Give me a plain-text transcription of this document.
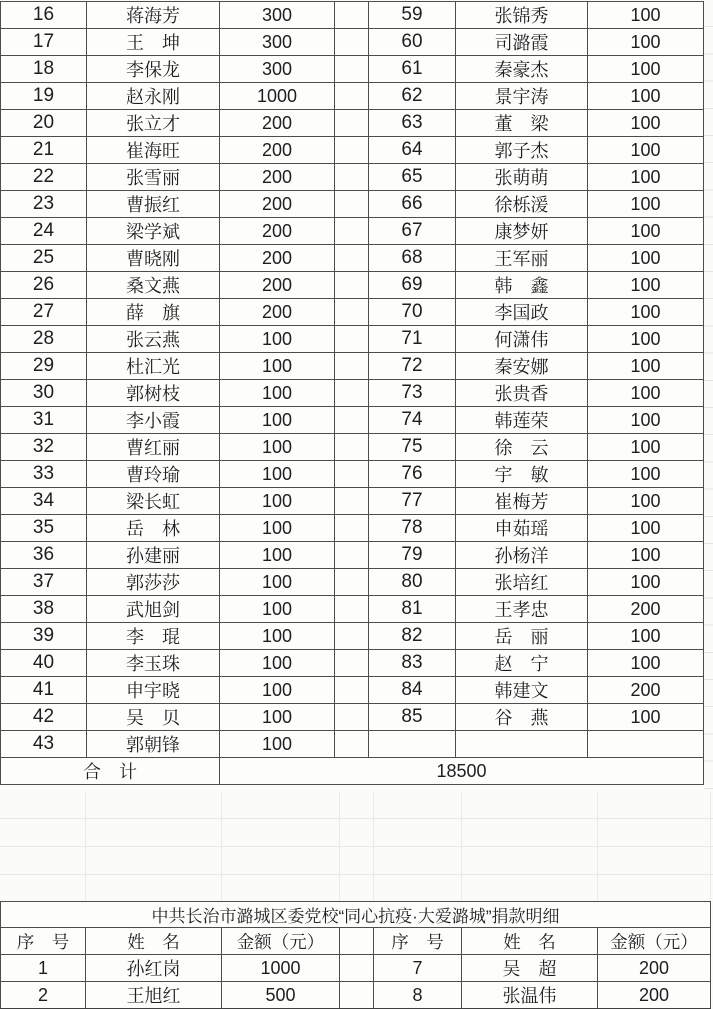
16	蒋海芳	300		59	张锦秀	100
17	王　坤	300		60	司潞霞	100
18	李保龙	300		61	秦豪杰	100
19	赵永刚	1000		62	景宇涛	100
20	张立才	200		63	董　梁	100
21	崔海旺	200		64	郭子杰	100
22	张雪丽	200		65	张萌萌	100
23	曹振红	200		66	徐栎湲	100
24	梁学斌	200		67	康梦妍	100
25	曹晓刚	200		68	王军丽	100
26	桑文燕	200		69	韩　鑫	100
27	薛　旗	200		70	李国政	100
28	张云燕	100		71	何潇伟	100
29	杜汇光	100		72	秦安娜	100
30	郭树枝	100		73	张贵香	100
31	李小霞	100		74	韩莲荣	100
32	曹红丽	100		75	徐　云	100
33	曹玲瑜	100		76	宇　敏	100
34	梁长虹	100		77	崔梅芳	100
35	岳　林	100		78	申茹瑶	100
36	孙建丽	100		79	孙杨洋	100
37	郭莎莎	100		80	张培红	100
38	武旭剑	100		81	王孝忠	200
39	李　琨	100		82	岳　丽	100
40	李玉珠	100		83	赵　宁	100
41	申宇晓	100		84	韩建文	200
42	吴　贝	100		85	谷　燕	100
43	郭朝锋	100				
合　计		18500				
中共长治市潞城区委党校“同心抗疫·大爱潞城”捐款明细						
序　号	姓　名	金额（元）		序　号	姓　名	金额（元）
1	孙红岗	1000		7	吴　超	200
2	王旭红	500		8	张温伟	200
